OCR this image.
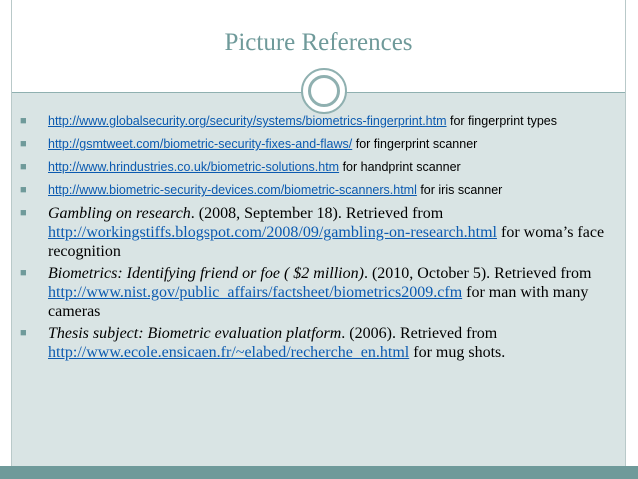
Picture References
■ http://www.globalsecurity.org/security/systems/biometrics-fingerprint.htm for fingerprint types
■ http://gsmtweet.com/biometric-security-fixes-and-flaws/ for fingerprint scanner
■ http://www.hrindustries.co.uk/biometric-solutions.htm for handprint scanner
■ http://www.biometric-security-devices.com/biometric-scanners.html for iris scanner
■ Gambling on research. (2008, September 18). Retrieved from http://workingstiffs.blogspot.com/2008/09/gambling-on-research.html for woma’s face recognition
■ Biometrics: Identifying friend or foe ( $2 million). (2010, October 5). Retrieved from http://www.nist.gov/public_affairs/factsheet/biometrics2009.cfm for man with many cameras
■ Thesis subject: Biometric evaluation platform. (2006). Retrieved from http://www.ecole.ensicaen.fr/~elabed/recherche_en.html for mug shots.
